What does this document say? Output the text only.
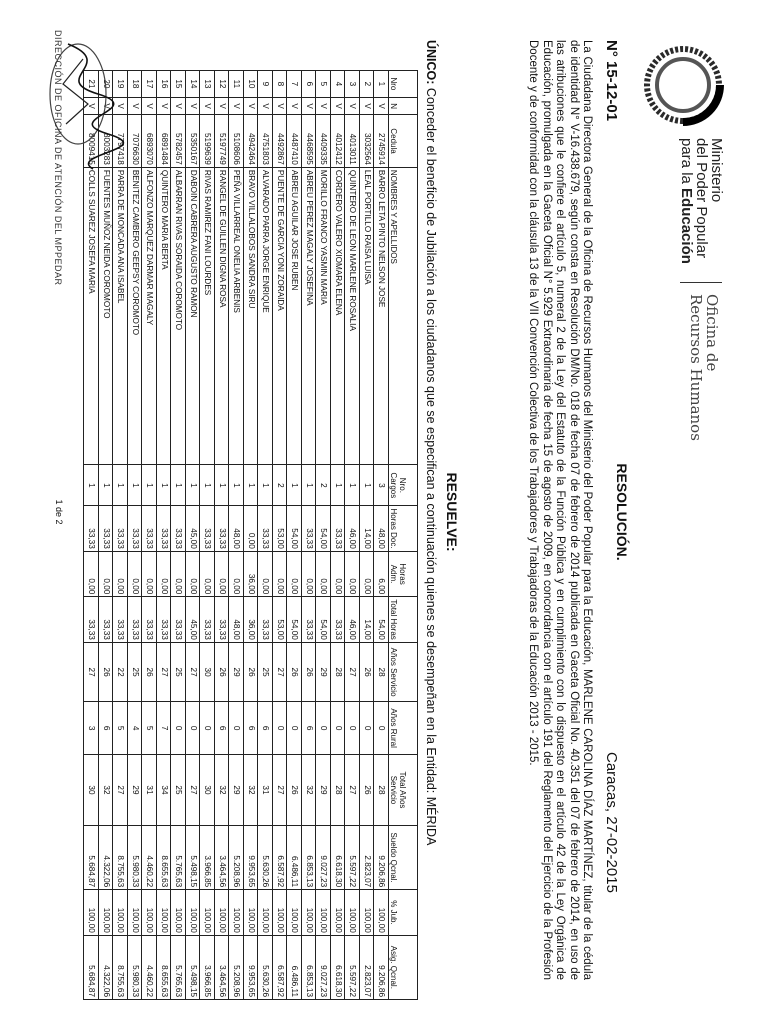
Ministerio
del Poder Popular
para la Educación
Oficina de
Recursos Humanos
RESOLUCIÓN.
N° 15-12-01
Caracas, 27-02-2015
La Ciudadana Directora General de la Oficina de Recursos Humanos del Ministerio del Poder Popular para la Educación, MARLENE CAROLINA DÍAZ MARTÍNEZ, titular de la cédula de identidad N° V-16.438.679, según consta en Resolución DM/No. 018 de fecha 07 de febrero de 2014 publicada en Gaceta Oficial No. 40.351 del 07 de febrero de 2014, en uso de las atribuciones que le confiere el artículo 5, numeral 2 de la Ley del Estatuto de la Función Pública y en cumplimiento con lo dispuesto en el artículo 42 de la Ley Orgánica de Educación, promulgada en la Gaceta Oficial N° 5.929 Extraordinaria de fecha 15 de agosto de 2009, en concordancia con el artículo 191 del Reglamento del Ejercicio de la Profesión Docente y de conformidad con la cláusula 13 de la VII Convención Colectiva de los Trabajadores y Trabajadoras de la Educación 2013 - 2015.
RESUELVE:
ÚNICO: Conceder el beneficio de Jubilación a los ciudadanos que se especifican a continuación quienes se desempeñan en la Entidad: MÉRIDA
Nro	N	Cedula	NOMBRES Y APELLIDOS	Nro. Cargos	Horas Doc.	Horas Adm.	Total Horas	Años Servicio	Años Rural	Total Años Servicio	Sueldo Qcnal.	% Jub.	Asig. Qcnal.
1	V	2745914	BARRO LETA PINTO NELSON JOSE	3	48,00	6,00	54,00	28	0	28	9.206,86	100,00	9.206,86
2	V	3032564	LEAL PORTILLO RAISA LUISA	1	14,00	0,00	14,00	26	0	26	2.823,07	100,00	2.823,07
3	V	4013011	QUINTERO DE LEON MARLENE ROSALIA	1	46,00	0,00	46,00	27	0	27	5.597,22	100,00	5.597,22
4	V	4012412	CORDERO VALERO XIOMARA ELENA	1	33,33	0,00	33,33	28	0	28	6.618,30	100,00	6.618,30
5	V	4409335	MORILLO FRANCO YASMIN MARIA	2	54,00	0,00	54,00	29	0	29	9.027,23	100,00	9.027,23
6	V	4468595	ABREU PEREZ MAGALY JOSEFINA	1	33,33	0,00	33,33	26	6	32	6.853,13	100,00	6.853,13
7	V	4487410	ABREU AGUILAR JOSE RUBEN	1	54,00	0,00	54,00	26	0	26	6.486,11	100,00	6.486,11
8	V	4492867	PUENTE DE GARCIA YONI ZORAIDA	2	53,00	0,00	53,00	27	0	27	6.587,92	100,00	6.587,92
9	V	4751803	ALVARADO PARRA JORGE ENRIQUE	1	33,33	0,00	33,33	25	6	31	5.630,26	100,00	5.630,26
10	V	4942464	BRAVO VILLALOBOS SANDRA SIRU	1	0,00	36,00	36,00	26	6	32	9.953,65	100,00	9.953,65
11	V	5108606	PEÑA VILLARREAL ONELIA ARBENIS	1	48,00	0,00	48,00	29	0	29	5.208,96	100,00	5.208,96
12	V	5197749	RANGEL DE GUILLEN DIGNA ROSA	1	33,33	0,00	33,33	26	6	32	3.464,56	100,00	3.464,56
13	V	5199639	RIVAS RAMIREZ FANI LOURDES	1	33,33	0,00	33,33	30	0	30	3.966,85	100,00	3.966,85
14	V	5350167	DABOIN CABRERA AUGUSTO RAMON	1	45,00	0,00	45,00	27	0	27	5.498,15	100,00	5.498,15
15	V	5782457	ALBARRAN RIVAS SORAIDA COROMOTO	1	33,33	0,00	33,33	25	0	25	5.765,63	100,00	5.765,63
16	V	6891484	QUINTERO MARIA BERTA	1	33,33	0,00	33,33	27	7	34	8.655,63	100,00	8.655,63
17	V	6893070	ALFONZO MARQUEZ DARMAR MAGALY	1	33,33	0,00	33,33	26	5	31	4.460,22	100,00	4.460,22
18	V	7076630	BENITEZ CAMBERO GEEPSY COROMOTO	1	33,33	0,00	33,33	25	4	29	5.980,33	100,00	5.980,33
19	V	7797418	PARRA DE MONCADA ANA ISABEL	1	33,33	0,00	33,33	22	5	27	8.755,63	100,00	8.755,63
20	V	8003283	FUENTES MUÑOZ NEIDA COROMOTO	1	33,33	0,00	33,33	26	6	32	4.322,06	100,00	4.322,06
21	V	8009415	COLLS SUAREZ JOSEFA MARIA	1	33,33	0,00	33,33	27	3	30	5.684,87	100,00	5.684,87
DIRECCIÓN DE OFICINA DE ATENCIÓN DEL MPPEDAR
1 de 2
